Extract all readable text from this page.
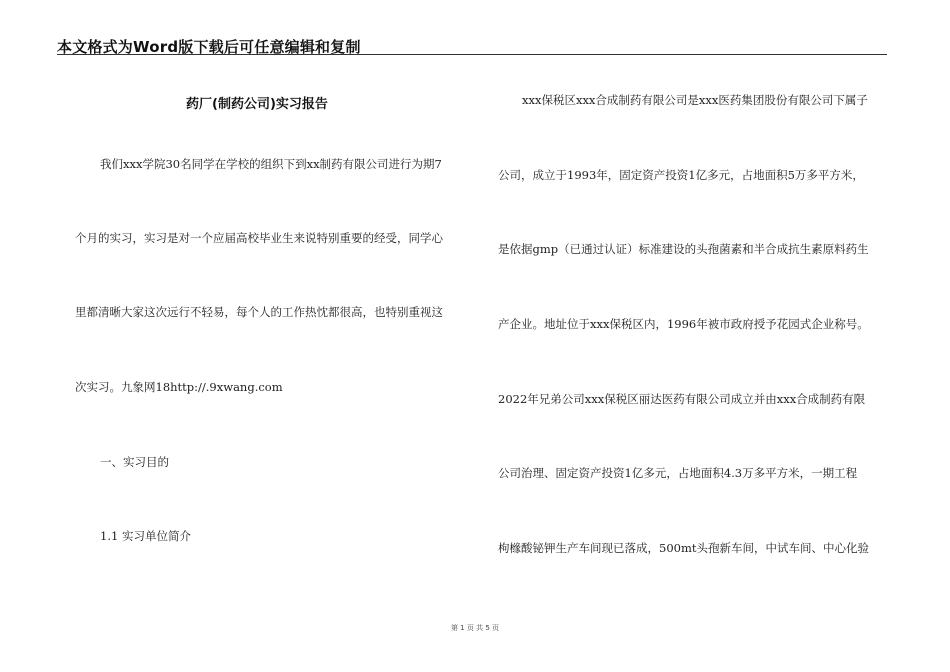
本文格式为Word版下载后可任意编辑和复制
药厂(制药公司)实习报告
我们xxx学院30名同学在学校的组织下到xx制药有限公司进行为期7
个月的实习，实习是对一个应届高校毕业生来说特别重要的经受，同学心
里都清晰大家这次远行不轻易，每个人的工作热忱都很高，也特别重视这
次实习。九象网18http://.9xwang.com
一、实习目的
1.1 实习单位简介
xxx保税区xxx合成制药有限公司是xxx医药集团股份有限公司下属子
公司，成立于1993年，固定资产投资1亿多元，占地面积5万多平方米，
是依据gmp（已通过认证）标准建设的头孢菌素和半合成抗生素原料药生
产企业。地址位于xxx保税区内，1996年被市政府授予花园式企业称号。
2022年兄弟公司xxx保税区丽达医药有限公司成立并由xxx合成制药有限
公司治理、固定资产投资1亿多元，占地面积4.3万多平方米，一期工程
枸橼酸铋钾生产车间现已落成，500mt头孢新车间，中试车间、中心化验
第 1 页 共 5 页
